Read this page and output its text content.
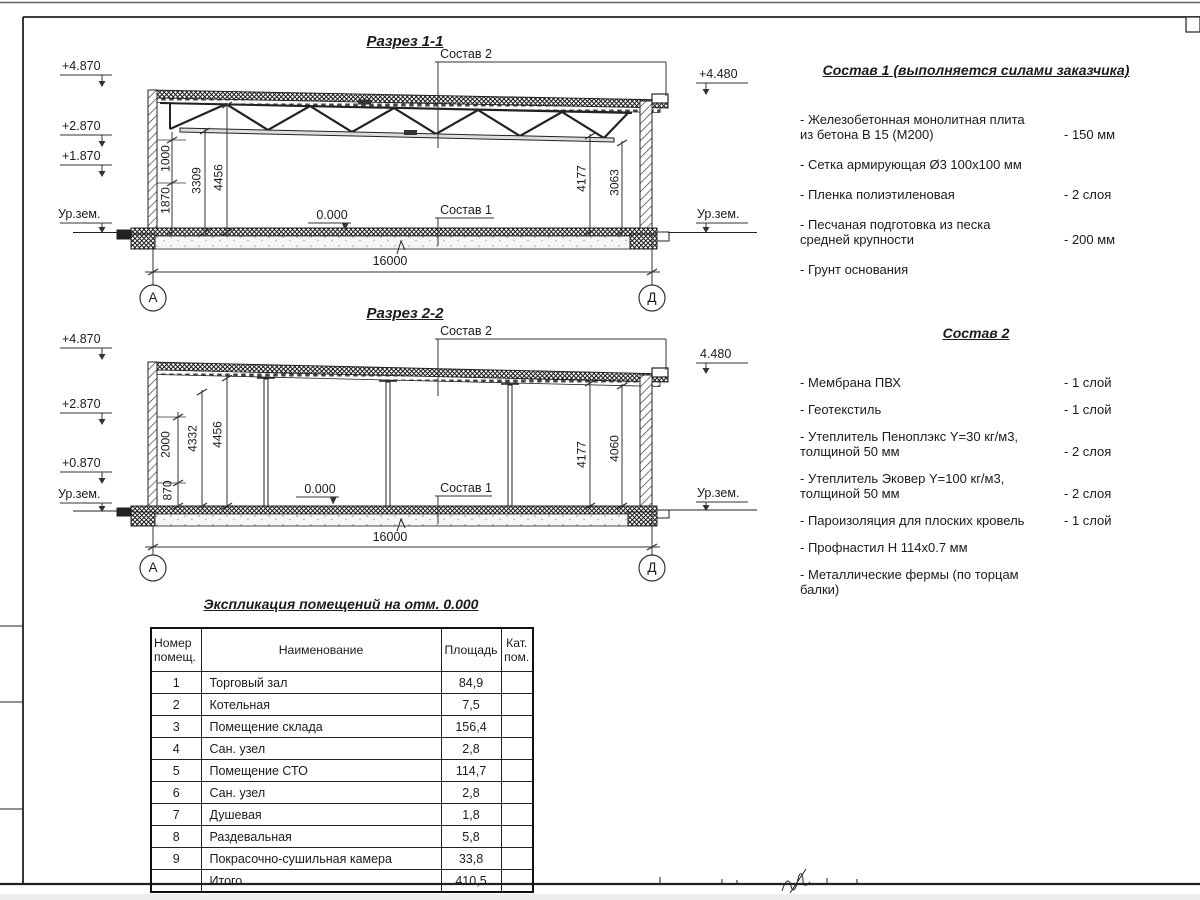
Разрез 1-1
+4.870
+2.870
+1.870
Ур.зем.
+4.480
Ур.зем.
Состав 2
Состав 1
0.000
1000
1870
3309 4456	4177 3063
16000
А	Д
Разрез 2-2
+4.870
+2.870
+0.870
Ур.зем.
4.480
Ур.зем.
Состав 2
Состав 1
0.000
2000
870
4332 4456
4177 4060
16000
А	Д
Состав 1 (выполняется силами заказчика)
- Железобетонная монолитная плита
из бетона В 15 (М200)	- 150 мм
- Сетка армирующая Ø3 100х100 мм
- Пленка полиэтиленовая	- 2 слоя
- Песчаная подготовка из песка
средней крупности	- 200 мм
- Грунт основания
Состав 2
- Мембрана ПВХ	- 1 слой
- Геотекстиль	- 1 слой
- Утеплитель Пеноплэкс Y=30 кг/м3,
толщиной 50 мм	- 2 слоя
- Утеплитель Эковер Y=100 кг/м3,
толщиной 50 мм	- 2 слоя
- Пароизоляция для плоских кровель	- 1 слой
- Профнастил Н 114х0.7 мм
- Металлические фермы (по торцам балки)
Экспликация помещений на отм. 0.000
Номер помещ.	Наименование	Площадь	Кат. пом.
1	Торговый зал	84,9	
2	Котельная	7,5	
3	Помещение склада	156,4	
4	Сан. узел	2,8	
5	Помещение СТО	114,7	
6	Сан. узел	2,8	
7	Душевая	1,8	
8	Раздевальная	5,8	
9	Покрасочно-сушильная камера	33,8	
	Итого	410,5	
